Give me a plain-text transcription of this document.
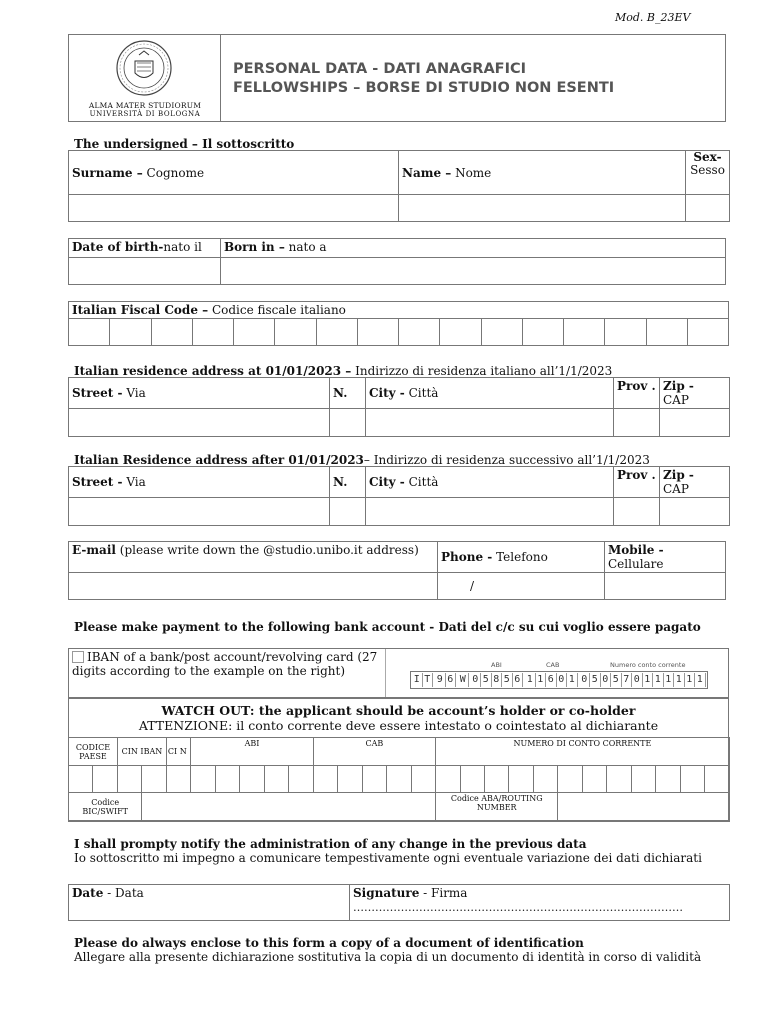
Mod. B_23EV
ALMA MATER STUDIORUM
UNIVERSITÀ DI BOLOGNA
PERSONAL DATA - DATI ANAGRAFICI
FELLOWSHIPS – BORSE DI STUDIO NON ESENTI
The undersigned – Il sottoscritto
Surname – Cognome	Name – Nome	Sex-
Sesso

Date of birth-nato il	Born in – nato a

Italian Fiscal Code – Codice fiscale italiano

Italian residence address at 01/01/2023 – Indirizzo di residenza italiano all’1/1/2023
Street - Via	N.	City - Città	Prov .	Zip -
CAP

Italian Residence address after 01/01/2023– Indirizzo di residenza successivo all’1/1/2023
Street - Via	N.	City - Città	Prov .	Zip -
CAP

E-mail (please write down the @studio.unibo.it address)	Phone - Telefono	Mobile -
Cellulare
	/	
Please make payment to the following bank account - Dati del c/c su cui voglio essere pagato
IBAN of a bank/post account/revolving card (27 digits according to the example on the right)	ABI	CAB	Numero conto corrente
I T 9 6 W 0 5 8 5 6 1 1 6 0 1 0 5 0 5 7 0 1 1 1 1 1 1
WATCH OUT: the applicant should be account’s holder or co-holder
ATTENZIONE: il conto corrente deve essere intestato o cointestato al dichiarante
CODICE PAESE		CIN IBAN		CI N	ABI					CAB					NUMERO DI CONTO CORRENTE											

Codice BIC/SWIFT															Codice ABA/ROUTING NUMBER											
I shall prompty notify the administration of any change in the previous data
Io sottoscritto mi impegno a comunicare tempestivamente ogni eventuale variazione dei dati dichiarati
Date - Data	Signature - Firma
………………………………………………………………………………
Please do always enclose to this form a copy of a document of identification
Allegare alla presente dichiarazione sostitutiva la copia di un documento di identità in corso di validità
